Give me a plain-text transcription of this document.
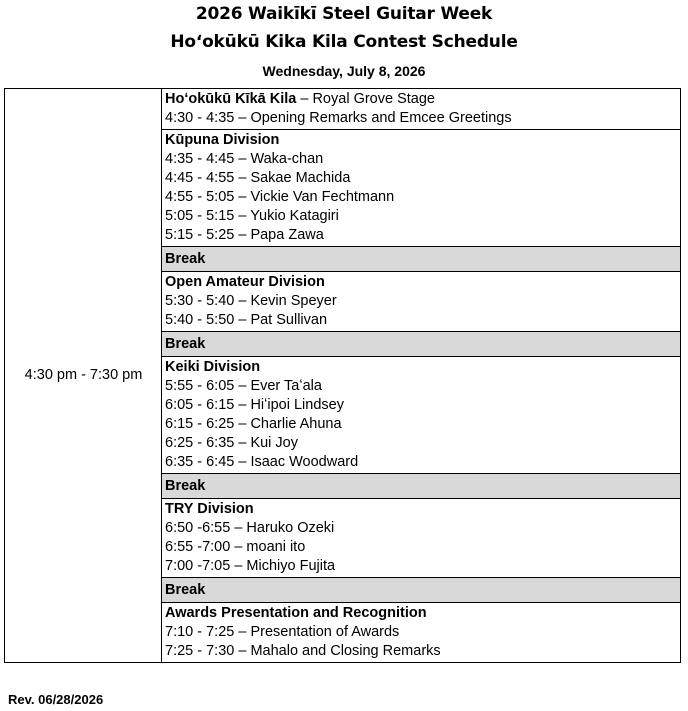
2026 Waikīkī Steel Guitar Week
Hoʻokūkū Kika Kila Contest Schedule
Wednesday, July 8, 2026
4:30 pm - 7:30 pm	
Hoʻokūkū Kīkā Kila – Royal Grove Stage
4:30 - 4:35 – Opening Remarks and Emcee Greetings

Kūpuna Division
4:35 - 4:45 – Waka-chan
4:45 - 4:55 – Sakae Machida
4:55 - 5:05 – Vickie Van Fechtmann
5:05 - 5:15 – Yukio Katagiri
5:15 - 5:25 – Papa Zawa

Break

Open Amateur Division
5:30 - 5:40 – Kevin Speyer
5:40 - 5:50 – Pat Sullivan

Break

Keiki Division
5:55 - 6:05 – Ever Taʻala
6:05 - 6:15 – Hiʻipoi Lindsey
6:15 - 6:25 – Charlie Ahuna
6:25 - 6:35 – Kui Joy
6:35 - 6:45 – Isaac Woodward

Break

TRY Division
6:50 -6:55 – Haruko Ozeki
6:55 -7:00 – moani ito
7:00 -7:05 – Michiyo Fujita

Break

Awards Presentation and Recognition
7:10 - 7:25 – Presentation of Awards
7:25 - 7:30 – Mahalo and Closing Remarks
Rev. 06/28/2026
